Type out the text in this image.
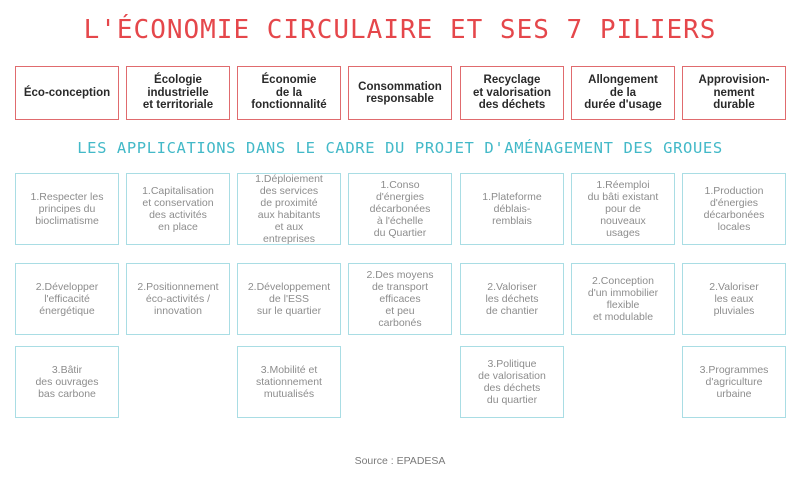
L'ÉCONOMIE CIRCULAIRE ET SES 7 PILIERS
Éco-conception
Écologie
industrielle
et territoriale
Économie
de la
fonctionnalité
Consommation
responsable
Recyclage
et valorisation
des déchets
Allongement
de la
durée d'usage
Approvision-
nement
durable
LES APPLICATIONS DANS LE CADRE DU PROJET D'AMÉNAGEMENT DES GROUES
1.Respecter les
principes du
bioclimatisme
2.Développer
l'efficacité
énergétique
3.Bâtir
des ouvrages
bas carbone
1.Capitalisation
et conservation
des activités
en place
2.Positionnement
éco-activités /
innovation
1.Déploiement
des services
de proximité
aux habitants
et aux
entreprises
2.Développement
de l'ESS
sur le quartier
3.Mobilité et
stationnement
mutualisés
1.Conso
d'énergies
décarbonées
à l'échelle
du Quartier
2.Des moyens
de transport
efficaces
et peu
carbonés
1.Plateforme
déblais-
remblais
2.Valoriser
les déchets
de chantier
3.Politique
de valorisation
des déchets
du quartier
1.Réemploi
du bâti existant
pour de
nouveaux
usages
2.Conception
d'un immobilier
flexible
et modulable
1.Production
d'énergies
décarbonées
locales
2.Valoriser
les eaux
pluviales
3.Programmes
d'agriculture
urbaine
Source : EPADESA
